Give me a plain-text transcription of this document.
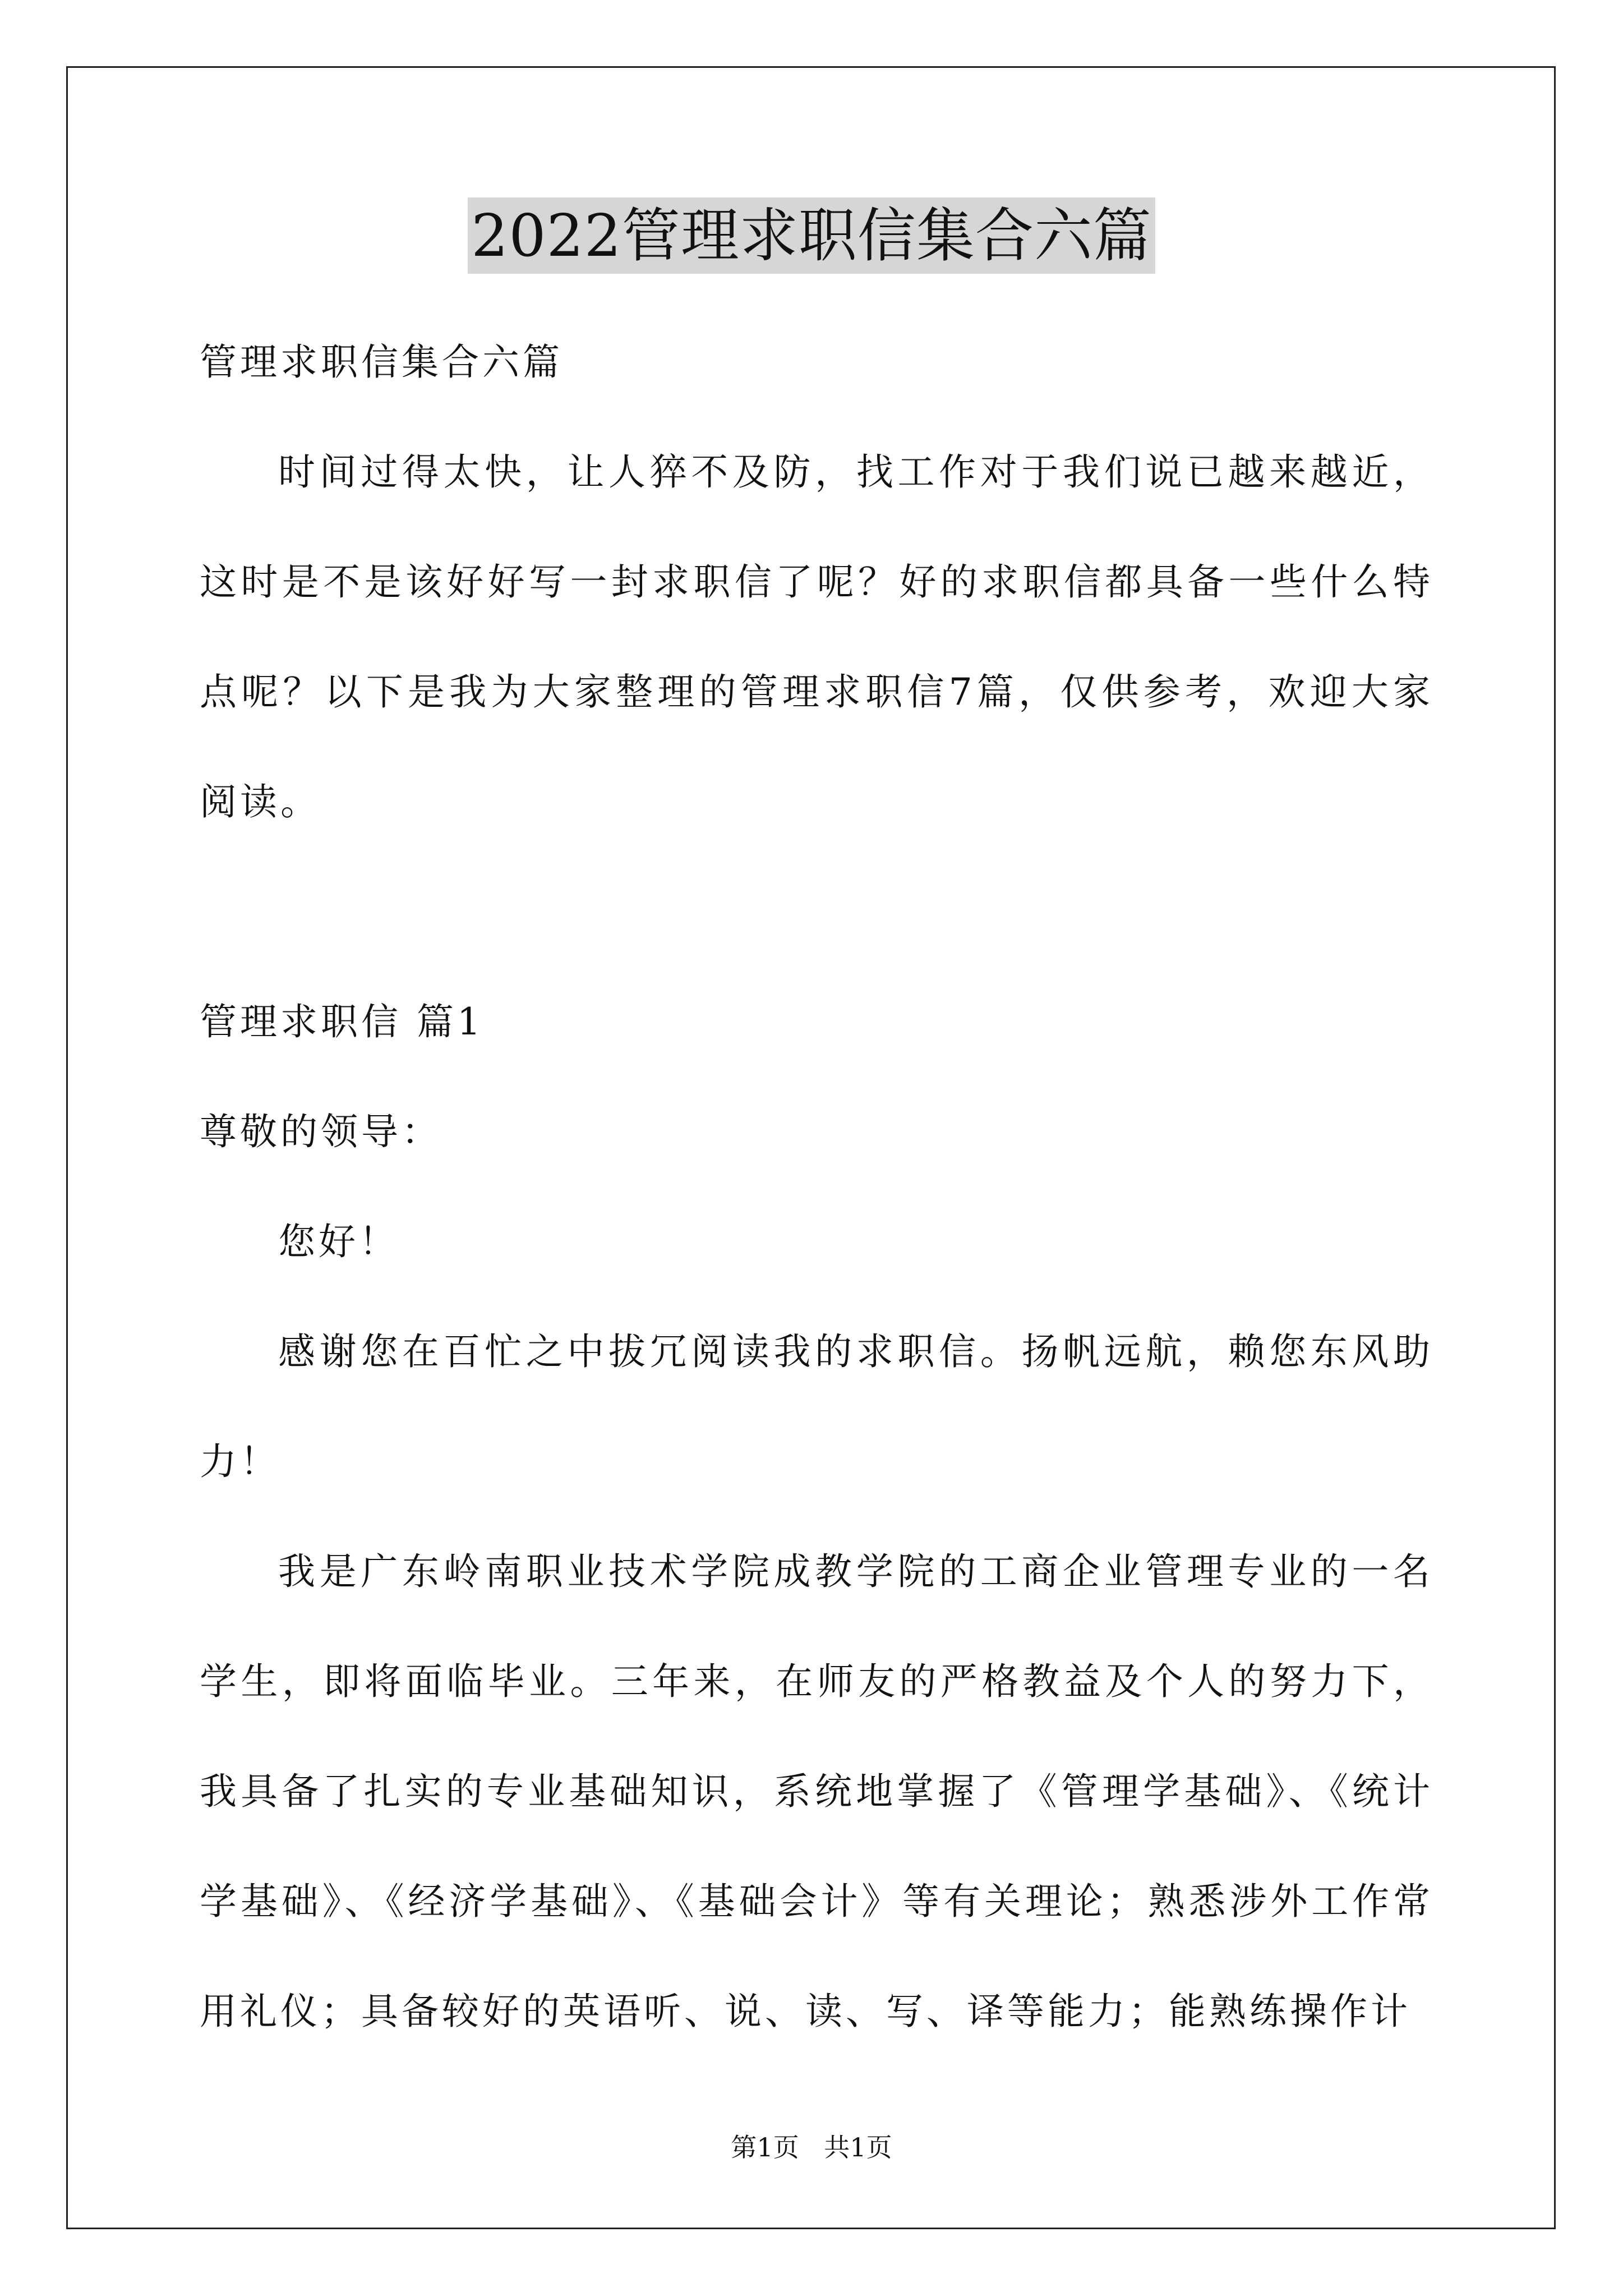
2022管理求职信集合六篇

管理求职信集合六篇

时间过得太快，让人猝不及防，找工作对于我们说已越来越近，这时是不是该好好写一封求职信了呢？好的求职信都具备一些什么特点呢？以下是我为大家整理的管理求职信7篇，仅供参考，欢迎大家阅读。

管理求职信 篇1

尊敬的领导：

您好！

感谢您在百忙之中拔冗阅读我的求职信。扬帆远航，赖您东风助力！

我是广东岭南职业技术学院成教学院的工商企业管理专业的一名学生，即将面临毕业。三年来，在师友的严格教益及个人的努力下，我具备了扎实的专业基础知识，系统地掌握了《管理学基础》、《统计学基础》、《经济学基础》、《基础会计》等有关理论；熟悉涉外工作常用礼仪；具备较好的英语听、说、读、写、译等能力；能熟练操作计

第1页 共1页
